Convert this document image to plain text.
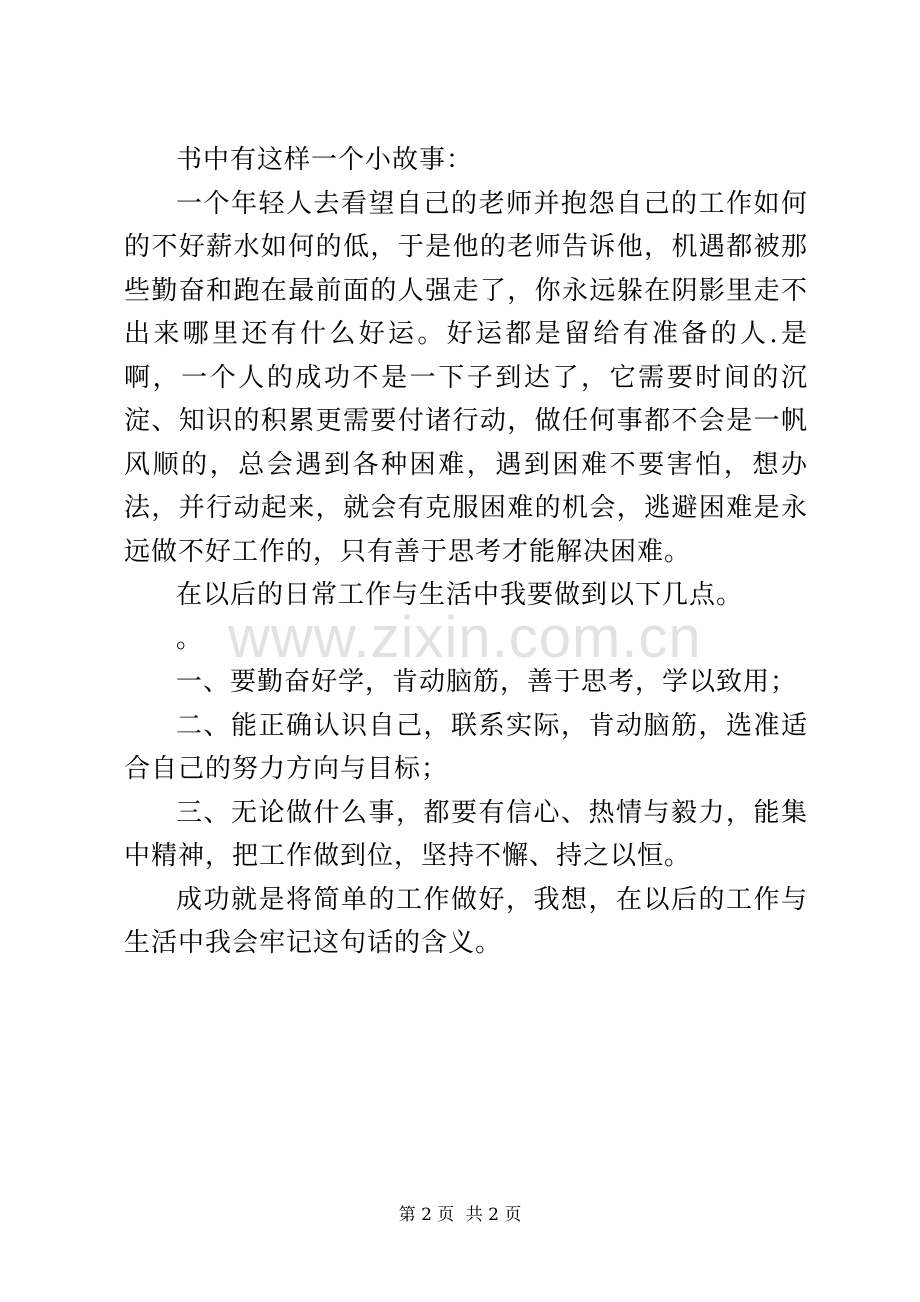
书中有这样一个小故事：

一个年轻人去看望自己的老师并抱怨自己的工作如何的不好薪水如何的低，于是他的老师告诉他，机遇都被那些勤奋和跑在最前面的人强走了，你永远躲在阴影里走不出来哪里还有什么好运。好运都是留给有准备的人.是啊，一个人的成功不是一下子到达了，它需要时间的沉淀、知识的积累更需要付诸行动，做任何事都不会是一帆风顺的，总会遇到各种困难，遇到困难不要害怕，想办法，并行动起来，就会有克服困难的机会，逃避困难是永远做不好工作的，只有善于思考才能解决困难。

在以后的日常工作与生活中我要做到以下几点。

。

一、要勤奋好学，肯动脑筋，善于思考，学以致用；

二、能正确认识自己，联系实际，肯动脑筋，选准适合自己的努力方向与目标；

三、无论做什么事，都要有信心、热情与毅力，能集中精神，把工作做到位，坚持不懈、持之以恒。

成功就是将简单的工作做好，我想，在以后的工作与生活中我会牢记这句话的含义。

www.zixin.com.cn
第 2 页 共 2 页
